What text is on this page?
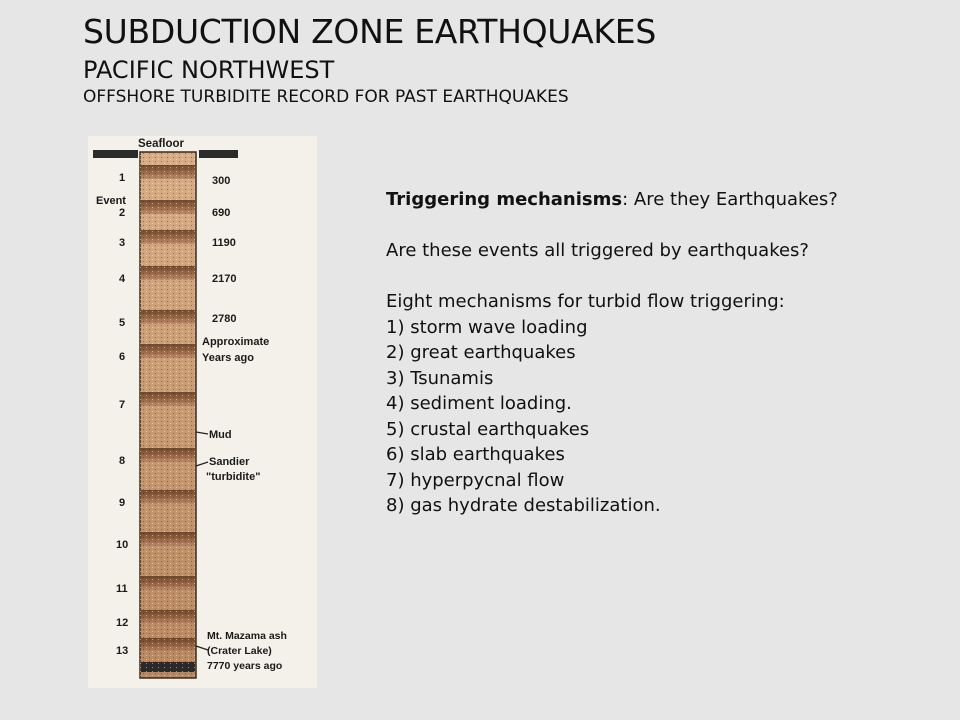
SUBDUCTION ZONE EARTHQUAKES
PACIFIC NORTHWEST
OFFSHORE TURBIDITE RECORD FOR PAST EARTHQUAKES
Seafloor
Event
1
2
3
4
5
6
7
8
9
10
11
12
13
300
690
1190
2170
2780
Approximate
Years ago
Mud
Sandier
"turbidite"
Mt. Mazama ash
(Crater Lake)
7770 years ago
Triggering mechanisms: Are they Earthquakes?
Are these events all triggered by earthquakes?
Eight mechanisms for turbid flow triggering:
1) storm wave loading
2) great earthquakes
3) Tsunamis
4) sediment loading.
5) crustal earthquakes
6) slab earthquakes
7) hyperpycnal flow
8) gas hydrate destabilization.
